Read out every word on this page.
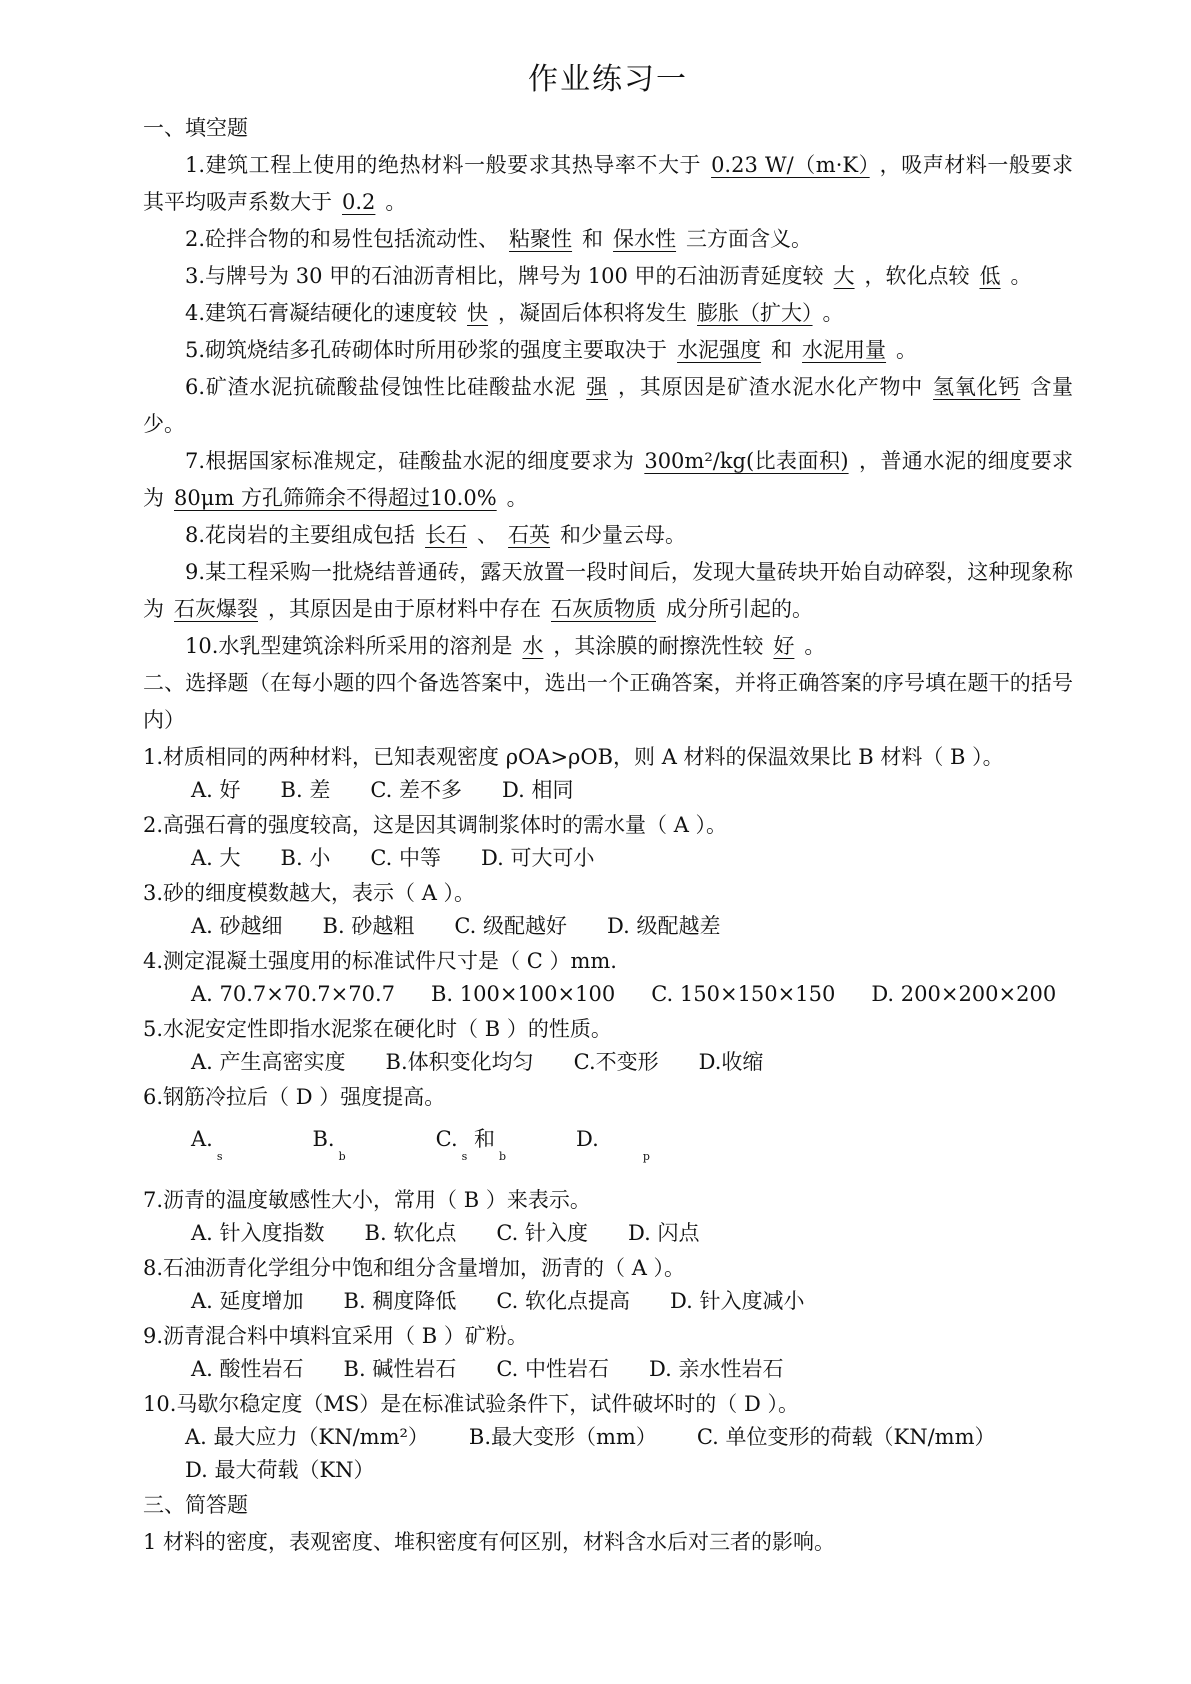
作业练习一
一、填空题
1.建筑工程上使用的绝热材料一般要求其热导率不大于 0.23 W/（m·K） ，吸声材料一般要求其平均吸声系数大于 0.2 。
2.砼拌合物的和易性包括流动性、 粘聚性 和 保水性 三方面含义。
3.与牌号为 30 甲的石油沥青相比，牌号为 100 甲的石油沥青延度较 大 ，软化点较 低 。
4.建筑石膏凝结硬化的速度较 快 ，凝固后体积将发生 膨胀（扩大） 。
5.砌筑烧结多孔砖砌体时所用砂浆的强度主要取决于 水泥强度 和 水泥用量 。
6.矿渣水泥抗硫酸盐侵蚀性比硅酸盐水泥 强 ，其原因是矿渣水泥水化产物中 氢氧化钙 含量少。
7.根据国家标准规定，硅酸盐水泥的细度要求为 300m²/kg(比表面积) ，普通水泥的细度要求为 80μm 方孔筛筛余不得超过10.0% 。
8.花岗岩的主要组成包括 长石 、 石英 和少量云母。
9.某工程采购一批烧结普通砖，露天放置一段时间后，发现大量砖块开始自动碎裂，这种现象称为 石灰爆裂 ，其原因是由于原材料中存在 石灰质物质 成分所引起的。
10.水乳型建筑涂料所采用的溶剂是 水 ，其涂膜的耐擦洗性较 好 。
二、选择题（在每小题的四个备选答案中，选出一个正确答案，并将正确答案的序号填在题干的括号内）
1.材质相同的两种材料，已知表观密度 ρOA>ρOB，则 A 材料的保温效果比 B 材料（ B ）。
A. 好 B. 差 C. 差不多 D. 相同
2.高强石膏的强度较高，这是因其调制浆体时的需水量（ A ）。
A. 大 B. 小 C. 中等 D. 可大可小
3.砂的细度模数越大，表示（ A ）。
A. 砂越细 B. 砂越粗 C. 级配越好 D. 级配越差
4.测定混凝土强度用的标准试件尺寸是（ C ）mm.
A. 70.7×70.7×70.7 B. 100×100×100 C. 150×150×150 D. 200×200×200
5.水泥安定性即指水泥浆在硬化时（ B ）的性质。
A. 产生高密实度 B.体积变化均匀 C.不变形 D.收缩
6.钢筋冷拉后（ D ）强度提高。
$A._sB._bC._s$ 和$_bD._p$
7.沥青的温度敏感性大小，常用（ B ）来表示。
A. 针入度指数 B. 软化点 C. 针入度 D. 闪点
8.石油沥青化学组分中饱和组分含量增加，沥青的（ A ）。
A. 延度增加 B. 稠度降低 C. 软化点提高 D. 针入度减小
9.沥青混合料中填料宜采用（ B ）矿粉。
A. 酸性岩石 B. 碱性岩石 C. 中性岩石 D. 亲水性岩石
10.马歇尔稳定度（MS）是在标准试验条件下，试件破坏时的（ D ）。
A. 最大应力（KN/mm²） B.最大变形（mm） C. 单位变形的荷载（KN/mm）D. 最大荷载（KN）
三、简答题
1 材料的密度，表观密度、堆积密度有何区别，材料含水后对三者的影响。
